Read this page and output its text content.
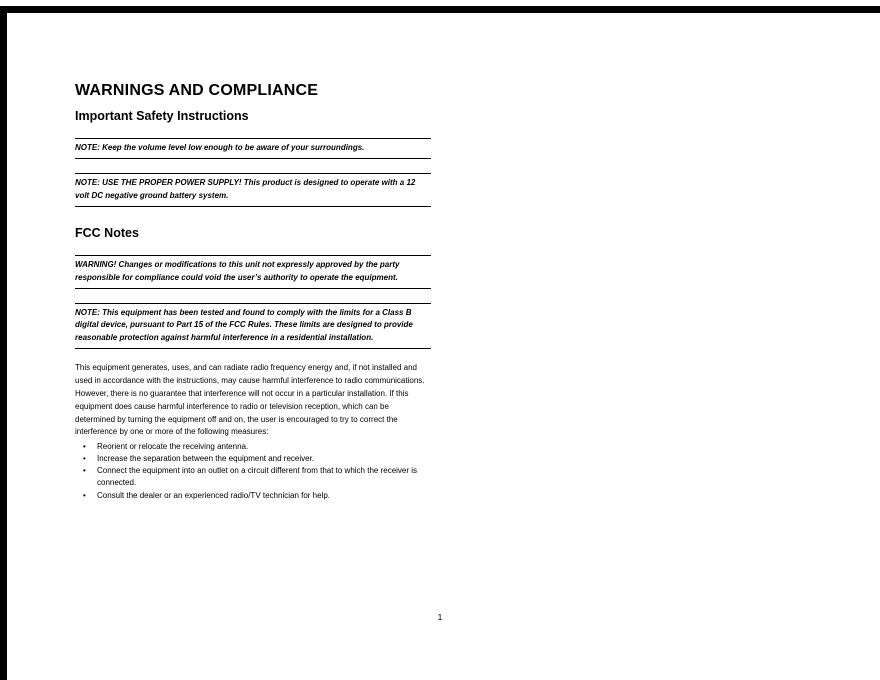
WARNINGS AND COMPLIANCE
Important Safety Instructions

NOTE: Keep the volume level low enough to be aware of your surroundings.

NOTE: USE THE PROPER POWER SUPPLY! This product is designed to operate with a 12 volt DC negative ground battery system.

FCC Notes

WARNING! Changes or modifications to this unit not expressly approved by the party responsible for compliance could void the user’s authority to operate the equipment.

NOTE: This equipment has been tested and found to comply with the limits for a Class B digital device, pursuant to Part 15 of the FCC Rules. These limits are designed to provide reasonable protection against harmful interference in a residential installation.

This equipment generates, uses, and can radiate radio frequency energy and, if not installed and used in accordance with the instructions, may cause harmful interference to radio communications.

However, there is no guarantee that interference will not occur in a particular installation. If this equipment does cause harmful interference to radio or television reception, which can be determined by turning the equipment off and on, the user is encouraged to try to correct the interference by one or more of the following measures:

•	Reorient or relocate the receiving antenna.
•	Increase the separation between the equipment and receiver.
•	Connect the equipment into an outlet on a circuit different from that to which the receiver is connected.
•	Consult the dealer or an experienced radio/TV technician for help.
1
